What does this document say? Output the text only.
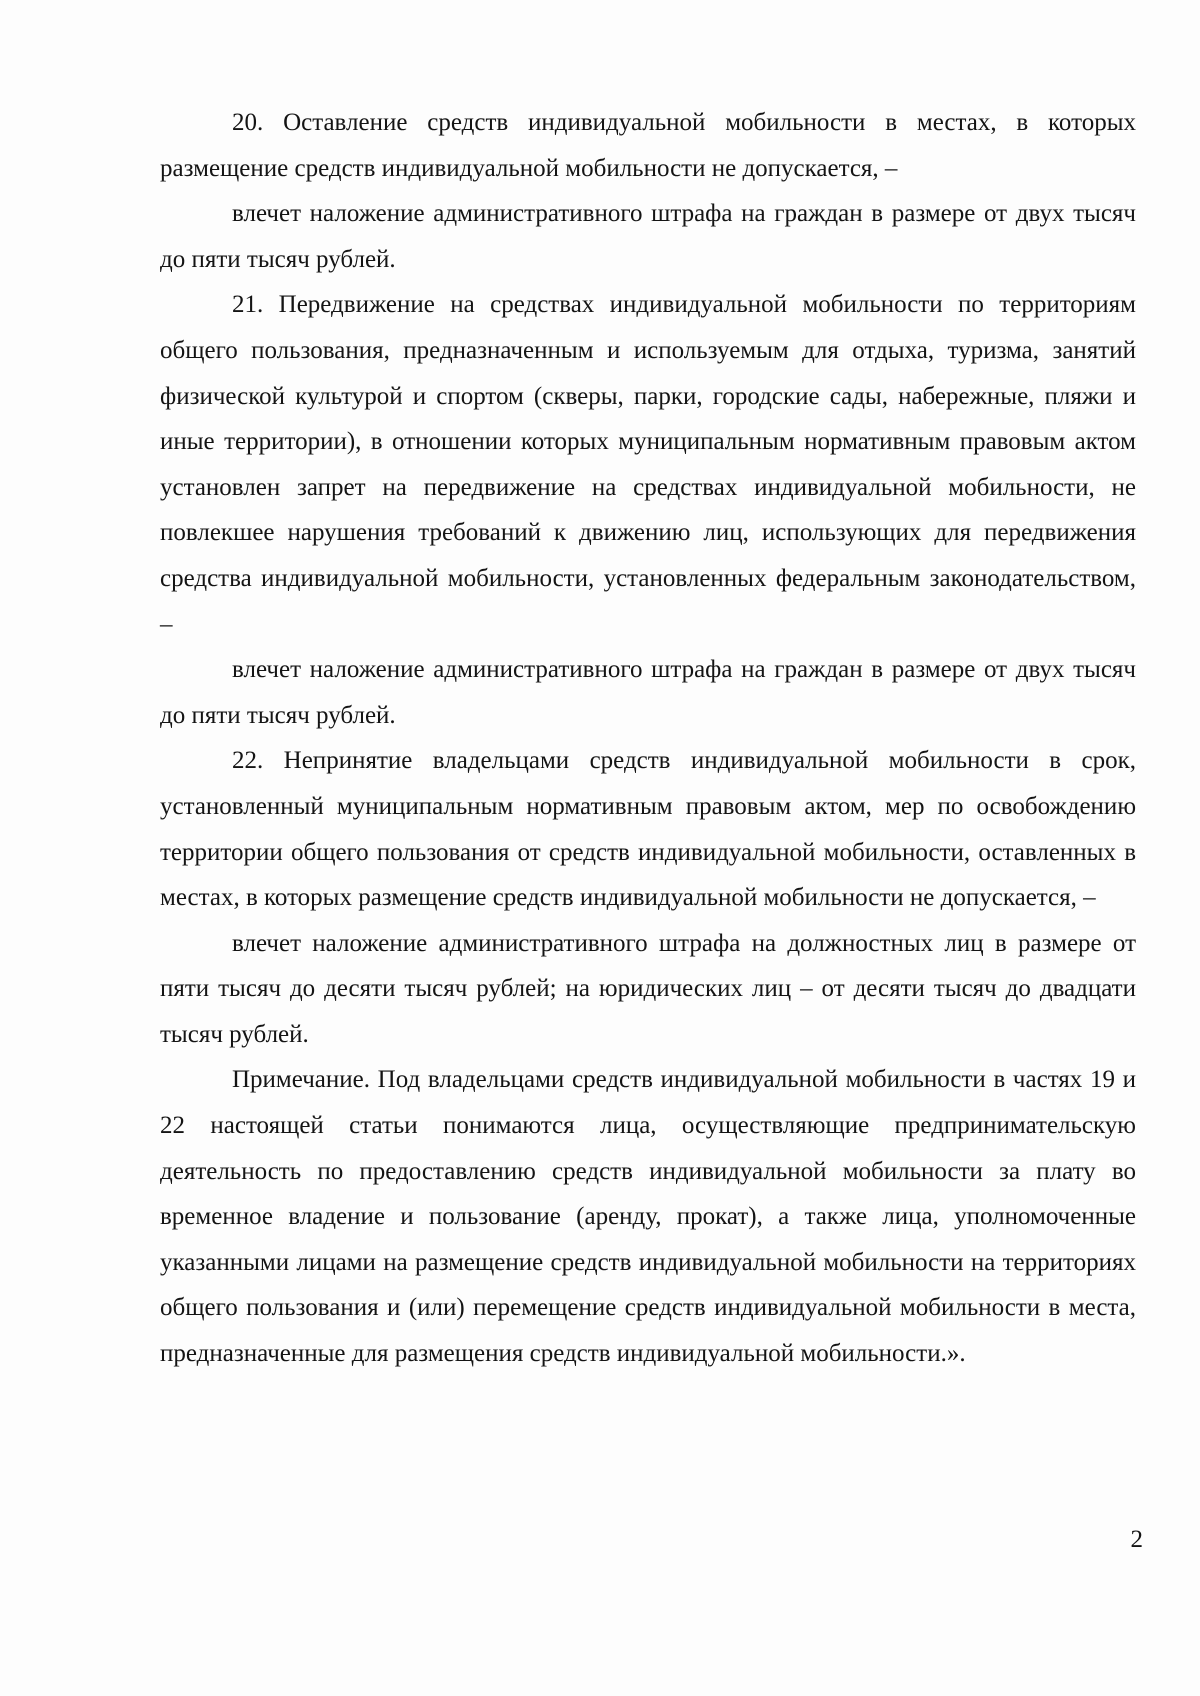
20. Оставление средств индивидуальной мобильности в местах, в которых размещение средств индивидуальной мобильности не допускается, –

влечет наложение административного штрафа на граждан в размере от двух тысяч до пяти тысяч рублей.

21. Передвижение на средствах индивидуальной мобильности по территориям общего пользования, предназначенным и используемым для отдыха, туризма, занятий физической культурой и спортом (скверы, парки, городские сады, набережные, пляжи и иные территории), в отношении которых муниципальным нормативным правовым актом установлен запрет на передвижение на средствах индивидуальной мобильности, не повлекшее нарушения требований к движению лиц, использующих для передвижения средства индивидуальной мобильности, установленных федеральным законодательством, –

влечет наложение административного штрафа на граждан в размере от двух тысяч до пяти тысяч рублей.

22. Непринятие владельцами средств индивидуальной мобильности в срок, установленный муниципальным нормативным правовым актом, мер по освобождению территории общего пользования от средств индивидуальной мобильности, оставленных в местах, в которых размещение средств индивидуальной мобильности не допускается, –

влечет наложение административного штрафа на должностных лиц в размере от пяти тысяч до десяти тысяч рублей; на юридических лиц – от десяти тысяч до двадцати тысяч рублей.

Примечание. Под владельцами средств индивидуальной мобильности в частях 19 и 22 настоящей статьи понимаются лица, осуществляющие предпринимательскую деятельность по предоставлению средств индивидуальной мобильности за плату во временное владение и пользование (аренду, прокат), а также лица, уполномоченные указанными лицами на размещение средств индивидуальной мобильности на территориях общего пользования и (или) перемещение средств индивидуальной мобильности в места, предназначенные для размещения средств индивидуальной мобильности.».

2
